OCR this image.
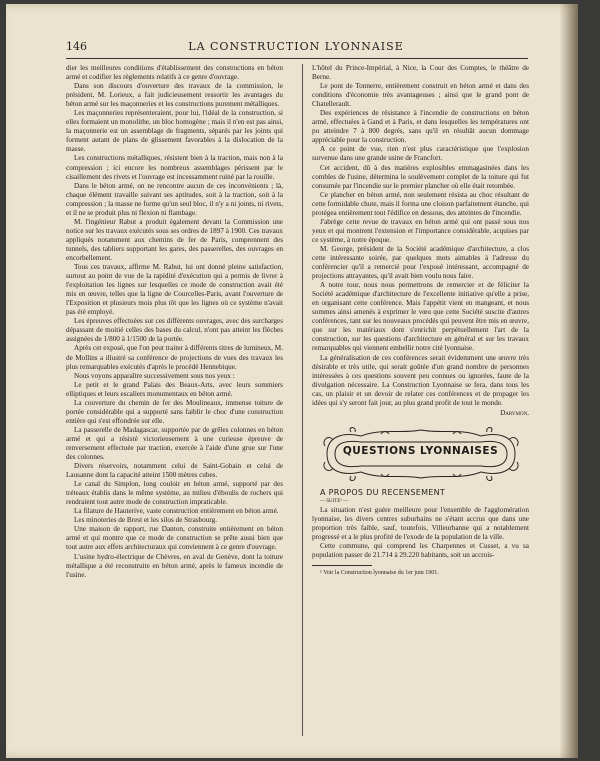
146	LA CONSTRUCTION LYONNAISE

dier les meilleures conditions d'établissement des constructions en béton armé et codifier les règlements relatifs à ce genre d'ouvrage.

Dans son discours d'ouverture des travaux de la commission, le président, M. Lorieux, a fait judicieusement ressortir les avantages du béton armé sur les maçonneries et les constructions purement métalliques.

Les maçonneries représenteraient, pour lui, l'idéal de la construction, si elles formaient un monolithe, un bloc homogène ; mais il n'en est pas ainsi, la maçonnerie est un assemblage de fragments, séparés par les joints qui forment autant de plans de glissement favorables à la dislocation de la masse.

Les constructions métalliques, résistent bien à la traction, mais non à la compression ; ici encore les nombreux assemblages périssent par le cisaillement des rivets et l'ouvrage est incessamment ruiné par la rouille.

Dans le béton armé, on ne rencontre aucun de ces inconvénients ; là, chaque élément travaille suivant ses aptitudes, soit à la traction, soit à la compression ; la masse ne forme qu'un seul bloc, il n'y a ni joints, ni rivets, et il ne se produit plus ni flexion ni flambage.

M. l'ingénieur Rabut a produit également devant la Commission une notice sur les travaux exécutés sous ses ordres de 1897 à 1900. Ces travaux appliqués notamment aux chemins de fer de Paris, comprennent des tunnels, des tabliers supportant les gares, des passerelles, des ouvrages en encorbellement.

Tous ces travaux, affirme M. Rabut, lui ont donné pleine satisfaction, surtout au point de vue de la rapidité d'exécution qui a permis de livrer à l'exploitation les lignes sur lesquelles ce mode de construction avait été mis en œuvre, telles que la ligne de Courcelles-Paris, avant l'ouverture de l'Exposition et plusieurs mois plus tôt que les lignes où ce système n'avait pas été employé.

Les épreuves effectuées sur ces différents ouvrages, avec des surcharges dépassant de moitié celles des bases du calcul, n'ont pas atteint les flèches assignées de 1/800 à 1/1500 de la portée.

Après cet exposé, que l'on peut traiter à différents titres de lumineux, M. de Mollins a illustré sa conférence de projections de vues des travaux les plus remarquables exécutés d'après le procédé Hennebique.

Nous voyons apparaître successivement sous nos yeux :

Le petit et le grand Palais des Beaux-Arts, avec leurs sommiers elliptiques et leurs escaliers monumentaux en béton armé.

La couverture du chemin de fer des Moulineaux, immense toiture de portée considérable qui a supporté sans faiblir le choc d'une construction entière qui s'est effondrée sur elle.

La passerelle de Madagascar, supportée par de grêles colonnes en béton armé et qui a résisté victorieusement à une curieuse épreuve de renversement effectuée par traction, exercée à l'aide d'une grue sur l'une des colonnes.

Divers réservoirs, notamment celui de Saint-Gobain et celui de Lausanne dont la capacité atteint 1500 mètres cubes.

Le canal du Simplon, long couloir en béton armé, supporté par des tréteaux établis dans le même système, au milieu d'éboulis de rochers qui rendraient tout autre mode de construction impraticable.

La filature de Hauterive, vaste construction entièrement en béton armé.

Les minoteries de Brest et les silos de Strasbourg.

Une maison de rapport, rue Danton, construite entièrement en béton armé et qui montre que ce mode de construction se prête aussi bien que tout autre aux effets architecturaux qui conviennent à ce genre d'ouvrage.

L'usine hydro-électrique de Chèvres, en aval de Genève, dont la toiture métallique a été reconstruite en béton armé, après le fameux incendie de l'usine.

L'hôtel du Prince-Impérial, à Nice, la Cour des Comptes, le théâtre de Berne.

Le pont de Tonnerre, entièrement construit en béton armé et dans des conditions d'économie très avantageuses ; ainsi que le grand pont de Chatellerault.

Des expériences de résistance à l'incendie de constructions en béton armé, effectuées à Gand et à Paris, et dans lesquelles les températures ont pu atteindre 7 à 800 degrés, sans qu'il en résultât aucun dommage appréciable pour la construction.

A ce point de vue, rien n'est plus caractéristique que l'explosion survenue dans une grande usine de Francfort.

Cet accident, dû à des matières explosibles emmagasinées dans les combles de l'usine, détermina le soulèvement complet de la toiture qui fut consumée par l'incendie sur le premier plancher où elle était retombée.

Ce plancher en béton armé, non seulement résista au choc résultant de cette formidable chute, mais il forma une cloison parfaitement étanche, qui protégea entièrement tout l'édifice en dessous, des atteintes de l'incendie.

J'abrège cette revue de travaux en béton armé qui ont passé sous nos yeux et qui montrent l'extension et l'importance considérable, acquises par ce système, à notre époque.

M. George, président de la Société académique d'architecture, a clos cette intéressante soirée, par quelques mots aimables à l'adresse du conférencier qu'il a remercié pour l'exposé intéressant, accompagné de projections attrayantes, qu'il avait bien voulu nous faire.

A notre tour, nous nous permettrons de remercier et de féliciter la Société académique d'architecture de l'excellente initiative qu'elle a prise, en organisant cette conférence. Mais l'appétit vient en mangeant, et nous sommes ainsi amenés à exprimer le vœu que cette Société suscite d'autres conférences, tant sur les nouveaux procédés qui peuvent être mis en œuvre, que sur les matériaux dont s'enrichit perpétuellement l'art de la construction, sur les questions d'architecture en général et sur les travaux remarquables qui viennent embellir notre cité lyonnaise.

La généralisation de ces conférences serait évidemment une œuvre très désirable et très utile, qui serait goûtée d'un grand nombre de personnes intéressées à ces questions souvent peu connues ou ignorées, faute de la divulgation nécessaire. La Construction Lyonnaise se fera, dans tous les cas, un plaisir et un devoir de relater ces conférences et de propager les idées qui s'y seront fait jour, au plus grand profit de tout le monde.

Darymon.

QUESTIONS LYONNAISES

A PROPOS DU RECENSEMENT

— SUITE¹ —

La situation n'est guère meilleure pour l'ensemble de l'agglomération lyonnaise, les divers centres suburbains ne s'étant accrus que dans une proportion très faible, sauf, toutefois, Villeurbanne qui a notablement progressé et a le plus profité de l'exode de la population de la ville.

Cette commune, qui comprend les Charpennes et Cusset, a vu sa population passer de 21.714 à 29.220 habitants, soit un accrois-

¹ Voir la Construction lyonnaise du 1er juin 1901.
